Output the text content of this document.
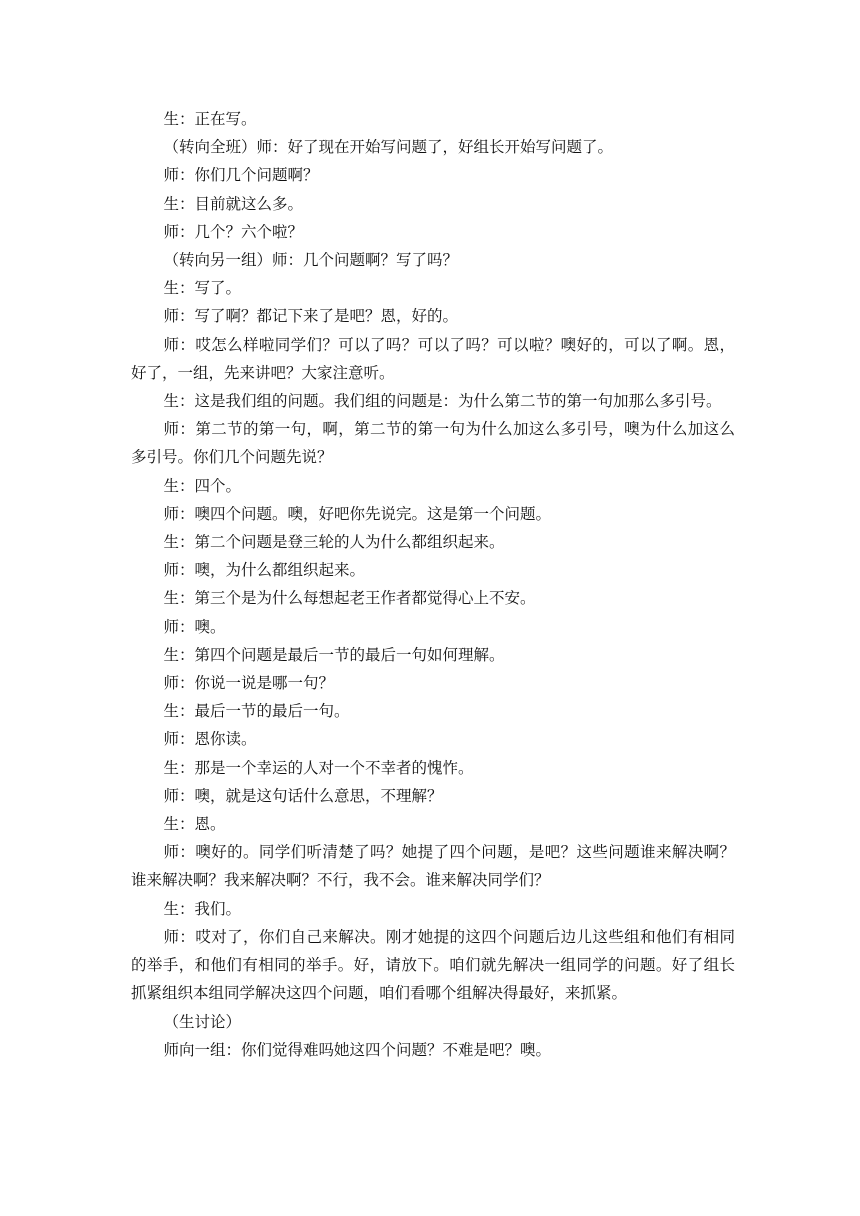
生：正在写。

（转向全班）师：好了现在开始写问题了，好组长开始写问题了。

师：你们几个问题啊？

生：目前就这么多。

师：几个？六个啦？

（转向另一组）师：几个问题啊？写了吗？

生：写了。

师：写了啊？都记下来了是吧？恩，好的。

师：哎怎么样啦同学们？可以了吗？可以了吗？可以啦？噢好的，可以了啊。恩，好了，一组，先来讲吧？大家注意听。

生：这是我们组的问题。我们组的问题是：为什么第二节的第一句加那么多引号。

师：第二节的第一句，啊，第二节的第一句为什么加这么多引号，噢为什么加这么多引号。你们几个问题先说？

生：四个。

师：噢四个问题。噢，好吧你先说完。这是第一个问题。

生：第二个问题是登三轮的人为什么都组织起来。

师：噢，为什么都组织起来。

生：第三个是为什么每想起老王作者都觉得心上不安。

师：噢。

生：第四个问题是最后一节的最后一句如何理解。

师：你说一说是哪一句？

生：最后一节的最后一句。

师：恩你读。

生：那是一个幸运的人对一个不幸者的愧怍。

师：噢，就是这句话什么意思，不理解？

生：恩。

师：噢好的。同学们听清楚了吗？她提了四个问题，是吧？这些问题谁来解决啊？谁来解决啊？我来解决啊？不行，我不会。谁来解决同学们？

生：我们。

师：哎对了，你们自己来解决。刚才她提的这四个问题后边儿这些组和他们有相同的举手，和他们有相同的举手。好，请放下。咱们就先解决一组同学的问题。好了组长抓紧组织本组同学解决这四个问题，咱们看哪个组解决得最好，来抓紧。

（生讨论）

师向一组：你们觉得难吗她这四个问题？不难是吧？噢。
